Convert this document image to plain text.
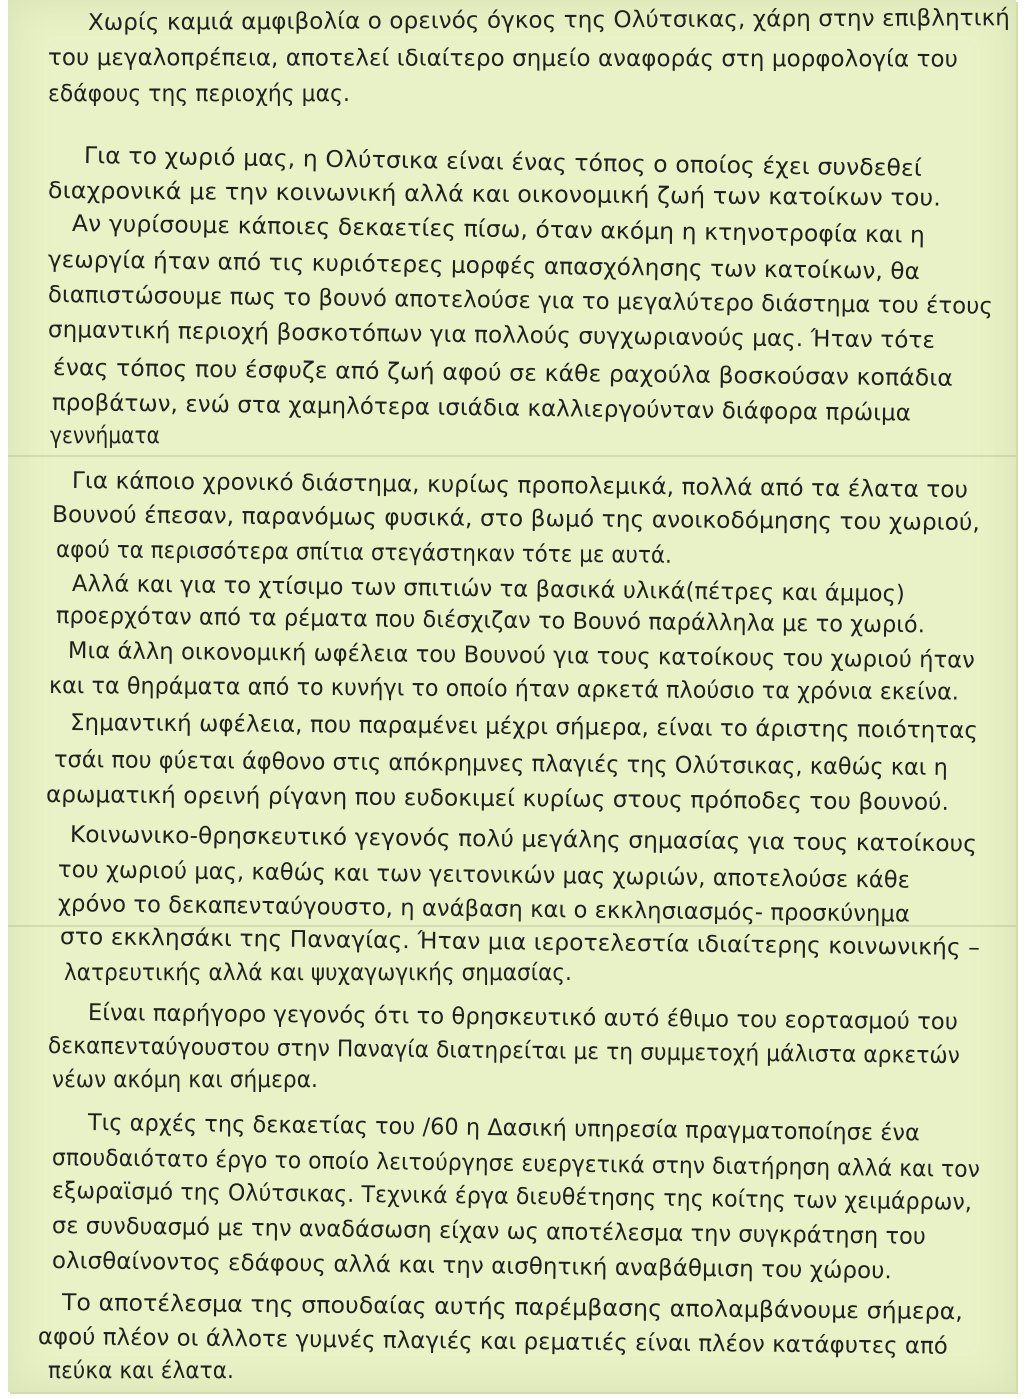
Χωρίς καμιά αμφιβολία ο ορεινός όγκος της Ολύτσικας, χάρη στην επιβλητική
του μεγαλοπρέπεια, αποτελεί ιδιαίτερο σημείο αναφοράς στη μορφολογία του
εδάφους της περιοχής μας.
Για το χωριό μας, η Ολύτσικα είναι ένας τόπος ο οποίος έχει συνδεθεί
διαχρονικά με την κοινωνική αλλά και οικονομική ζωή των κατοίκων του.
Αν γυρίσουμε κάποιες δεκαετίες πίσω, όταν ακόμη η κτηνοτροφία και η
γεωργία ήταν από τις κυριότερες μορφές απασχόλησης των κατοίκων, θα
διαπιστώσουμε πως το βουνό αποτελούσε για το μεγαλύτερο διάστημα του έτους
σημαντική περιοχή βοσκοτόπων για πολλούς συγχωριανούς μας. Ήταν τότε
ένας τόπος που έσφυζε από ζωή αφού σε κάθε ραχούλα βοσκούσαν κοπάδια
προβάτων, ενώ στα χαμηλότερα ισιάδια καλλιεργούνταν διάφορα πρώιμα
γεννήματα
Για κάποιο χρονικό διάστημα, κυρίως προπολεμικά, πολλά από τα έλατα του
Βουνού έπεσαν, παρανόμως φυσικά, στο βωμό της ανοικοδόμησης του χωριού,
αφού τα περισσότερα σπίτια στεγάστηκαν τότε με αυτά.
Αλλά και για το χτίσιμο των σπιτιών τα βασικά υλικά(πέτρες και άμμος)
προερχόταν από τα ρέματα που διέσχιζαν το Βουνό παράλληλα με το χωριό.
Μια άλλη οικονομική ωφέλεια του Βουνού για τους κατοίκους του χωριού ήταν
και τα θηράματα από το κυνήγι το οποίο ήταν αρκετά πλούσιο τα χρόνια εκείνα.
Σημαντική ωφέλεια, που παραμένει μέχρι σήμερα, είναι το άριστης ποιότητας
τσάι που φύεται άφθονο στις απόκρημνες πλαγιές της Ολύτσικας, καθώς και η
αρωματική ορεινή ρίγανη που ευδοκιμεί κυρίως στους πρόποδες του βουνού.
Κοινωνικο-θρησκευτικό γεγονός πολύ μεγάλης σημασίας για τους κατοίκους
του χωριού μας, καθώς και των γειτονικών μας χωριών, αποτελούσε κάθε
χρόνο το δεκαπενταύγουστο, η ανάβαση και ο εκκλησιασμός- προσκύνημα
στο εκκλησάκι της Παναγίας. Ήταν μια ιεροτελεστία ιδιαίτερης κοινωνικής –
λατρευτικής αλλά και ψυχαγωγικής σημασίας.
Είναι παρήγορο γεγονός ότι το θρησκευτικό αυτό έθιμο του εορτασμού του
δεκαπενταύγουστου στην Παναγία διατηρείται με τη συμμετοχή μάλιστα αρκετών
νέων ακόμη και σήμερα.
Τις αρχές της δεκαετίας του /60 η Δασική υπηρεσία πραγματοποίησε ένα
σπουδαιότατο έργο το οποίο λειτούργησε ευεργετικά στην διατήρηση αλλά και τον
εξωραϊσμό της Ολύτσικας. Τεχνικά έργα διευθέτησης της κοίτης των χειμάρρων,
σε συνδυασμό με την αναδάσωση είχαν ως αποτέλεσμα την συγκράτηση του
ολισθαίνοντος εδάφους αλλά και την αισθητική αναβάθμιση του χώρου.
Το αποτέλεσμα της σπουδαίας αυτής παρέμβασης απολαμβάνουμε σήμερα,
αφού πλέον οι άλλοτε γυμνές πλαγιές και ρεματιές είναι πλέον κατάφυτες από
πεύκα και έλατα.
